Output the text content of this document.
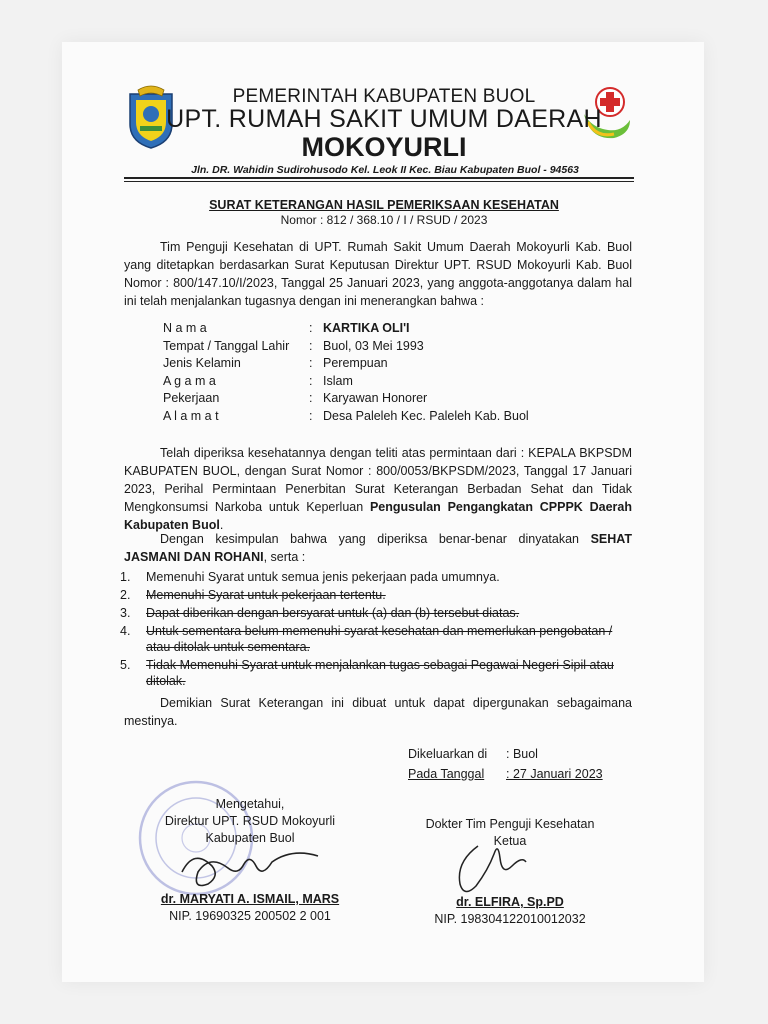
PEMERINTAH KABUPATEN BUOL
UPT. RUMAH SAKIT UMUM DAERAH
MOKOYURLI
Jln. DR. Wahidin Sudirohusodo Kel. Leok II Kec. Biau Kabupaten Buol - 94563
SURAT KETERANGAN HASIL PEMERIKSAAN KESEHATAN
Nomor : 812 / 368.10 / I / RSUD / 2023
Tim Penguji Kesehatan di UPT. Rumah Sakit Umum Daerah Mokoyurli Kab. Buol yang ditetapkan berdasarkan Surat Keputusan Direktur UPT. RSUD Mokoyurli Kab. Buol Nomor : 800/147.10/I/2023, Tanggal 25 Januari 2023, yang anggota-anggotanya dalam hal ini telah menjalankan tugasnya dengan ini menerangkan bahwa :
N a m a	: KARTIKA OLI'I
Tempat / Tanggal Lahir	: Buol, 03 Mei 1993
Jenis Kelamin	: Perempuan
A g a m a	: Islam
Pekerjaan	: Karyawan Honorer
A l a m a t	: Desa Paleleh Kec. Paleleh Kab. Buol
Telah diperiksa kesehatannya dengan teliti atas permintaan dari : KEPALA BKPSDM KABUPATEN BUOL, dengan Surat Nomor : 800/0053/BKPSDM/2023, Tanggal 17 Januari 2023, Perihal Permintaan Penerbitan Surat Keterangan Berbadan Sehat dan Tidak Mengkonsumsi Narkoba untuk Keperluan Pengusulan Pengangkatan CPPPK Daerah Kabupaten Buol.
Dengan kesimpulan bahwa yang diperiksa benar-benar dinyatakan SEHAT JASMANI DAN ROHANI, serta :
1.	Memenuhi Syarat untuk semua jenis pekerjaan pada umumnya.
2.	Memenuhi Syarat untuk pekerjaan tertentu.
3.	Dapat diberikan dengan bersyarat untuk (a) dan (b) tersebut diatas.
4.	Untuk sementara belum memenuhi syarat kesehatan dan memerlukan pengobatan / atau ditolak untuk sementara.
5.	Tidak Memenuhi Syarat untuk menjalankan tugas sebagai Pegawai Negeri Sipil atau ditolak.
Demikian Surat Keterangan ini dibuat untuk dapat dipergunakan sebagaimana mestinya.
Dikeluarkan di	: Buol
Pada Tanggal	: 27 Januari 2023
Mengetahui,
Direktur UPT. RSUD Mokoyurli
Kabupaten Buol
dr. MARYATI A. ISMAIL, MARS
NIP. 19690325 200502 2 001
Dokter Tim Penguji Kesehatan
Ketua
dr. ELFIRA, Sp.PD
NIP. 198304122010012032
